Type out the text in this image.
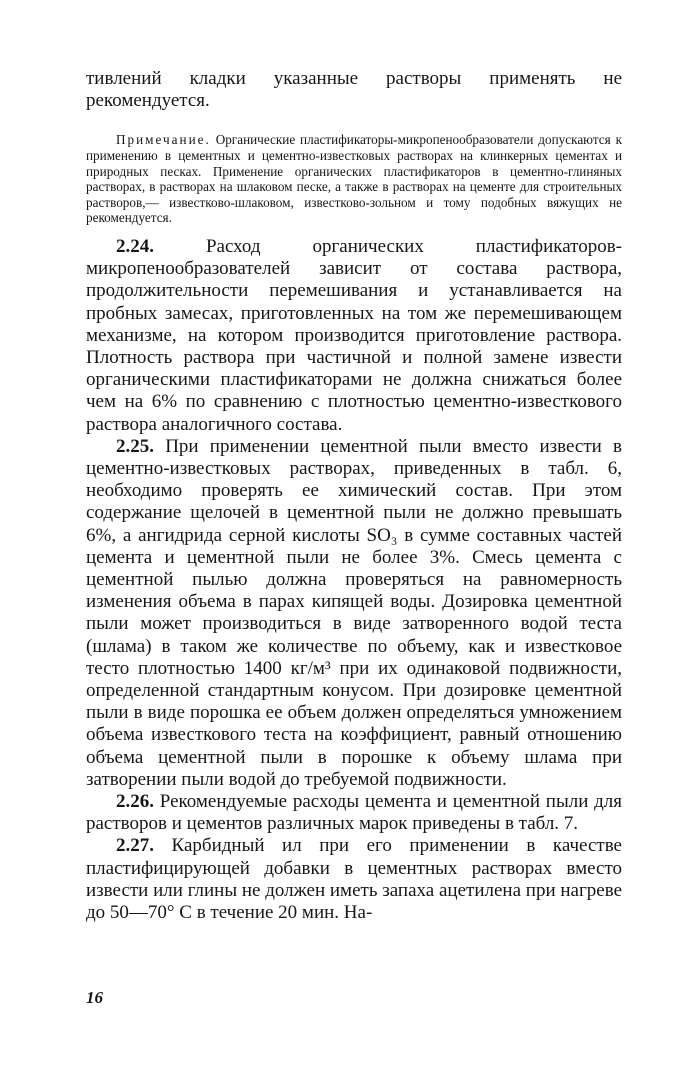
тивлений кладки указанные растворы применять не рекомендуется.

Примечание. Органические пластификаторы-микропенообразователи допускаются к применению в цементных и цементно-известковых растворах на клинкерных цементах и природных песках. Применение органических пластификаторов в цементно-глиняных растворах, в растворах на шлаковом песке, а также в растворах на цементе для строительных растворов,— известково-шлаковом, известково-зольном и тому подобных вяжущих не рекомендуется.

2.24.	Расход органических пластификаторов-микропенообразователей зависит от состава раствора, продолжительности перемешивания и устанавливается на пробных замесах, приготовленных на том же перемешивающем механизме, на котором производится приготовление раствора. Плотность раствора при частичной и полной замене извести органическими пластификаторами не должна снижаться более чем на 6% по сравнению с плотностью цементно-известкового раствора аналогичного состава.

2.25. При применении цементной пыли вместо извести в цементно-известковых растворах, приведенных в табл. 6, необходимо проверять ее химический состав. При этом содержание щелочей в цементной пыли не должно превышать 6%, а ангидрида серной кислоты SO₃ в сумме составных частей цемента и цементной пыли не более 3%. Смесь цемента с цементной пылью должна проверяться на равномерность изменения объема в парах кипящей воды. Дозировка цементной пыли может производиться в виде затворенного водой теста (шлама) в таком же количестве по объему, как и известковое тесто плотностью 1400 кг/м³ при их одинаковой подвижности, определенной стандартным конусом. При дозировке цементной пыли в виде порошка ее объем должен определяться умножением объема известкового теста на коэффициент, равный отношению объема цементной пыли в порошке к объему шлама при затворении пыли водой до требуемой подвижности.

2.26. Рекомендуемые расходы цемента и цементной пыли для растворов и цементов различных марок приведены в табл. 7.

2.27. Карбидный ил при его применении в качестве пластифицирующей добавки в цементных растворах вместо извести или глины не должен иметь запаха ацетилена при нагреве до 50—70° С в течение 20 мин. На-

16
